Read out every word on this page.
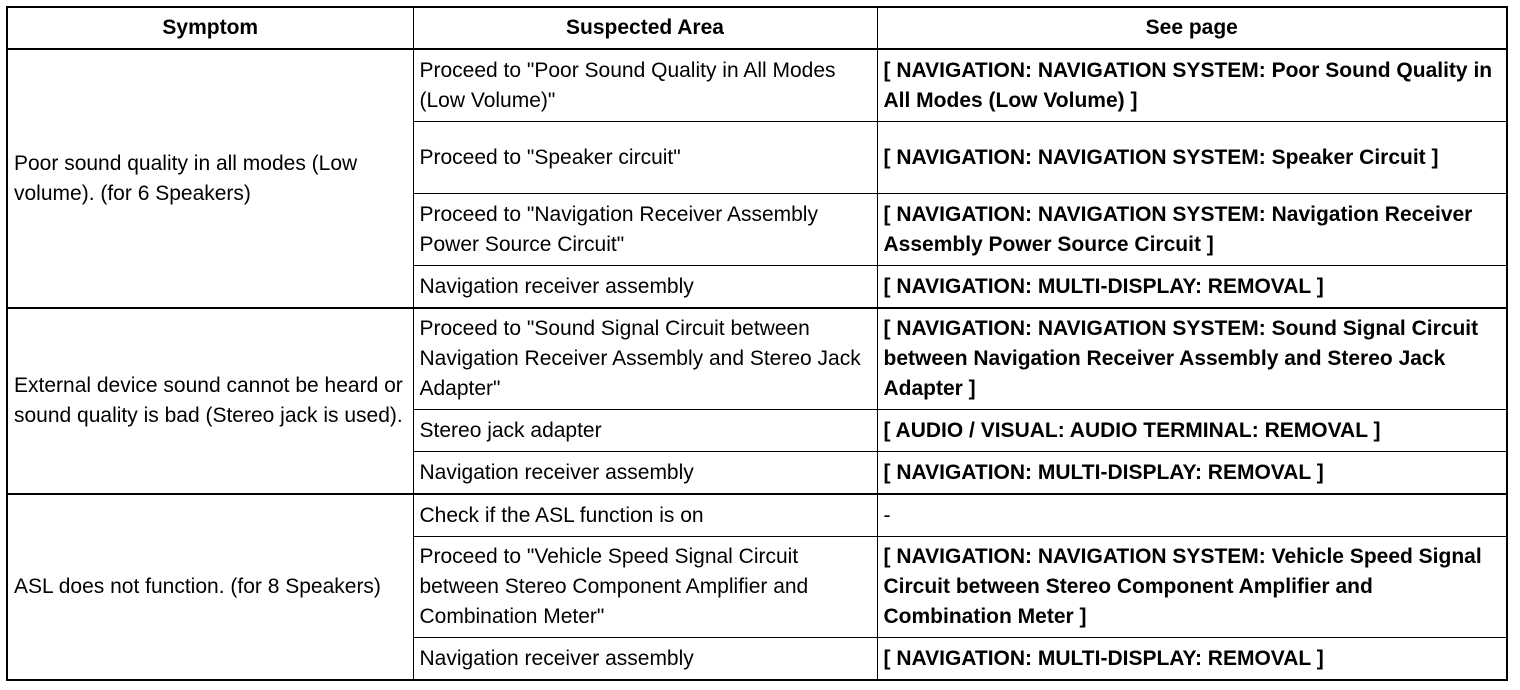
Symptom	Suspected Area	See page
Poor sound quality in all modes (Low volume). (for 6 Speakers)	Proceed to "Poor Sound Quality in All Modes (Low Volume)"	[ NAVIGATION: NAVIGATION SYSTEM: Poor Sound Quality in All Modes (Low Volume) ]
	Proceed to "Speaker circuit"	[ NAVIGATION: NAVIGATION SYSTEM: Speaker Circuit ]
	Proceed to "Navigation Receiver Assembly Power Source Circuit"	[ NAVIGATION: NAVIGATION SYSTEM: Navigation Receiver Assembly Power Source Circuit ]
	Navigation receiver assembly	[ NAVIGATION: MULTI-DISPLAY: REMOVAL ]
External device sound cannot be heard or sound quality is bad (Stereo jack is used).	Proceed to "Sound Signal Circuit between Navigation Receiver Assembly and Stereo Jack Adapter"	[ NAVIGATION: NAVIGATION SYSTEM: Sound Signal Circuit between Navigation Receiver Assembly and Stereo Jack Adapter ]
	Stereo jack adapter	[ AUDIO / VISUAL: AUDIO TERMINAL: REMOVAL ]
	Navigation receiver assembly	[ NAVIGATION: MULTI-DISPLAY: REMOVAL ]
ASL does not function. (for 8 Speakers)	Check if the ASL function is on	-
	Proceed to "Vehicle Speed Signal Circuit between Stereo Component Amplifier and Combination Meter"	[ NAVIGATION: NAVIGATION SYSTEM: Vehicle Speed Signal Circuit between Stereo Component Amplifier and Combination Meter ]
	Navigation receiver assembly	[ NAVIGATION: MULTI-DISPLAY: REMOVAL ]
